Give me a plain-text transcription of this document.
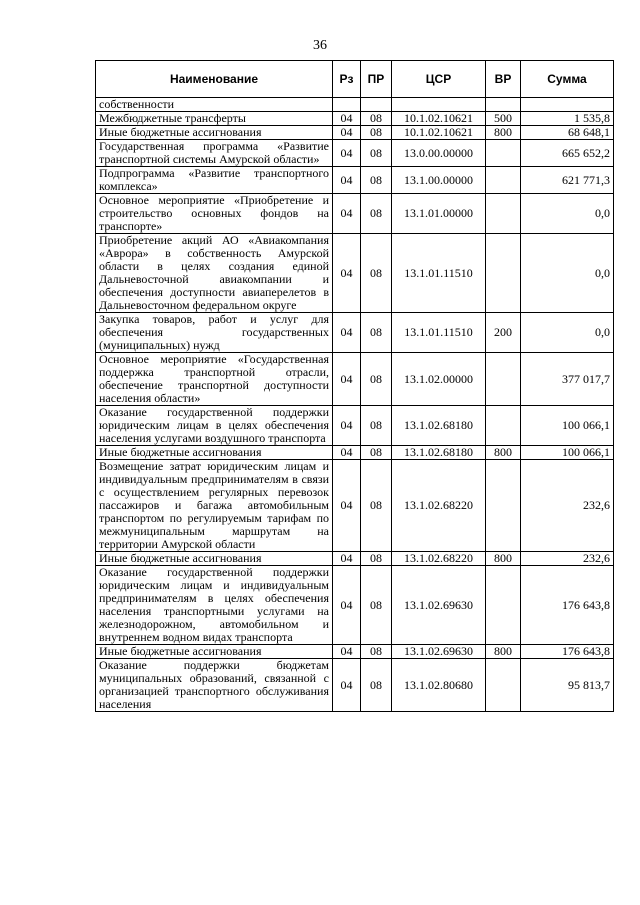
36
Наименование	Рз	ПР	ЦСР	ВР	Сумма
собственности					
Межбюджетные трансферты	04	08	10.1.02.10621	500	1 535,8
Иные бюджетные ассигнования	04	08	10.1.02.10621	800	68 648,1
Государственная программа «Развитие транспортной системы Амурской области»	04	08	13.0.00.00000		665 652,2
Подпрограмма «Развитие транспортного комплекса»	04	08	13.1.00.00000		621 771,3
Основное мероприятие «Приобретение и строительство основных фондов на транспорте»	04	08	13.1.01.00000		0,0
Приобретение акций АО «Авиакомпания «Аврора» в собственность Амурской области в целях создания единой Дальневосточной авиакомпании и обеспечения доступности авиаперелетов в Дальневосточном федеральном округе	04	08	13.1.01.11510		0,0
Закупка товаров, работ и услуг для обеспечения государственных (муниципальных) нужд	04	08	13.1.01.11510	200	0,0
Основное мероприятие «Государственная поддержка транспортной отрасли, обеспечение транспортной доступности населения области»	04	08	13.1.02.00000		377 017,7
Оказание государственной поддержки юридическим лицам в целях обеспечения населения услугами воздушного транспорта	04	08	13.1.02.68180		100 066,1
Иные бюджетные ассигнования	04	08	13.1.02.68180	800	100 066,1
Возмещение затрат юридическим лицам и индивидуальным предпринимателям в связи с осуществлением регулярных перевозок пассажиров и багажа автомобильным транспортом по регулируемым тарифам по межмуниципальным маршрутам на территории Амурской области	04	08	13.1.02.68220		232,6
Иные бюджетные ассигнования	04	08	13.1.02.68220	800	232,6
Оказание государственной поддержки юридическим лицам и индивидуальным предпринимателям в целях обеспечения населения транспортными услугами на железнодорожном, автомобильном и внутреннем водном видах транспорта	04	08	13.1.02.69630		176 643,8
Иные бюджетные ассигнования	04	08	13.1.02.69630	800	176 643,8
Оказание поддержки бюджетам муниципальных образований, связанной с организацией транспортного обслуживания населения	04	08	13.1.02.80680		95 813,7
